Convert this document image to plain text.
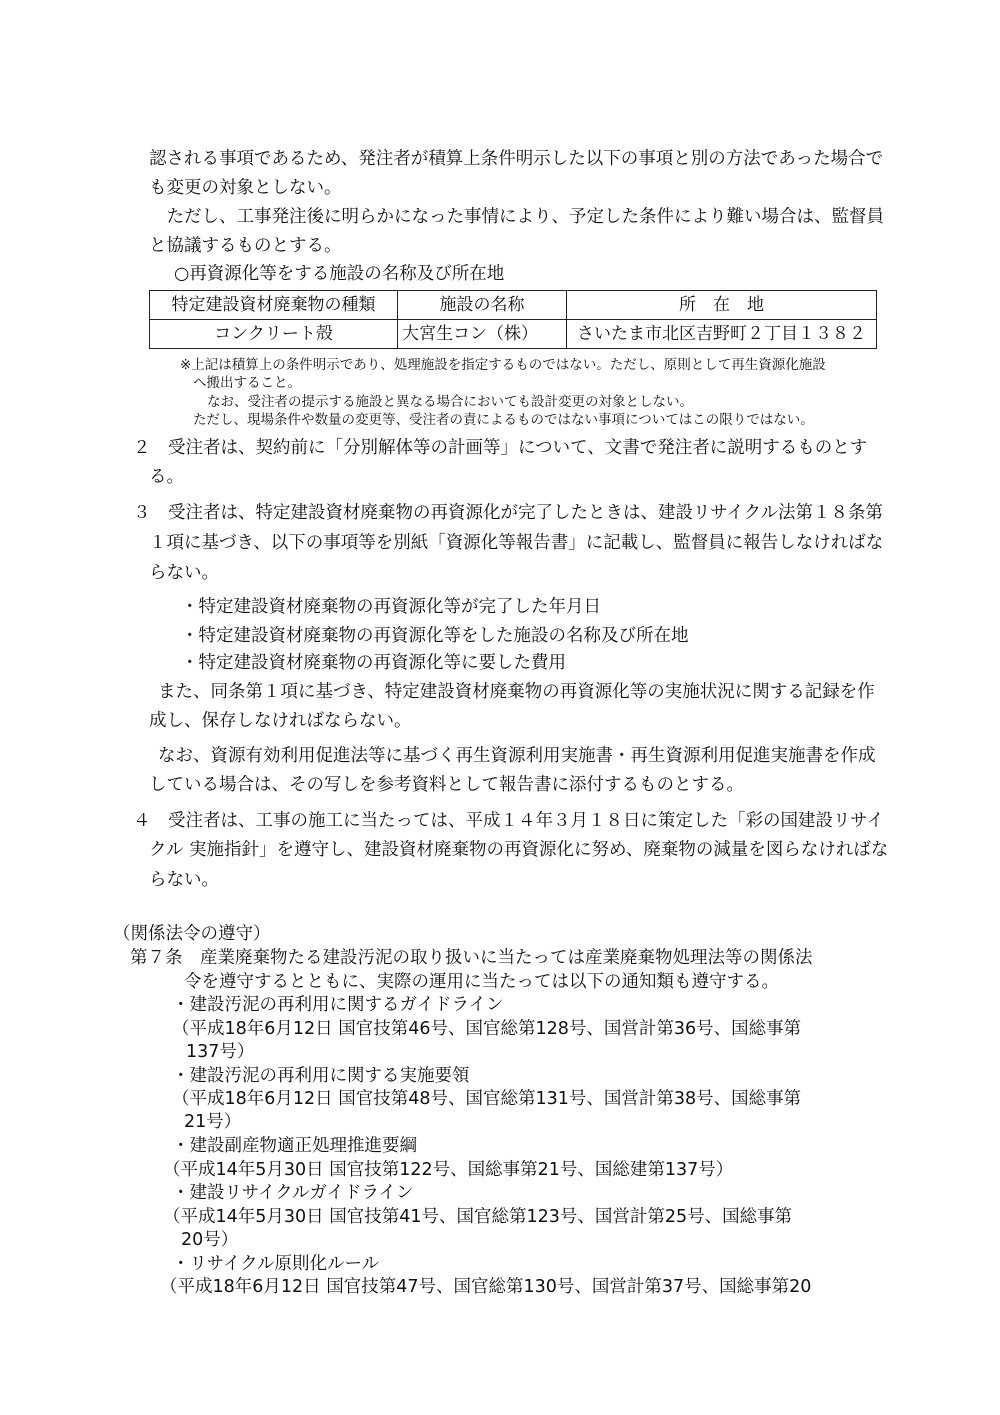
認される事項であるため、発注者が積算上条件明示した以下の事項と別の方法であった場合で
も変更の対象としない。
　ただし、工事発注後に明らかになった事情により、予定した条件により難い場合は、監督員
と協議するものとする。
○再資源化等をする施設の名称及び所在地
特定建設資材廃棄物の種類	施設の名称	所　在　地
コンクリート殻	大宮生コン（株）	さいたま市北区吉野町２丁目１３８２
※上記は積算上の条件明示であり、処理施設を指定するものではない。ただし、原則として再生資源化施設
へ搬出すること。
なお、受注者の提示する施設と異なる場合においても設計変更の対象としない。
ただし、現場条件や数量の変更等、受注者の責によるものではない事項についてはこの限りではない。
２　受注者は、契約前に「分別解体等の計画等」について、文書で発注者に説明するものとす
る。
３　受注者は、特定建設資材廃棄物の再資源化が完了したときは、建設リサイクル法第１８条第
１項に基づき、以下の事項等を別紙「資源化等報告書」に記載し、監督員に報告しなければな
らない。
・特定建設資材廃棄物の再資源化等が完了した年月日
・特定建設資材廃棄物の再資源化等をした施設の名称及び所在地
・特定建設資材廃棄物の再資源化等に要した費用
また、同条第１項に基づき、特定建設資材廃棄物の再資源化等の実施状況に関する記録を作
成し、保存しなければならない。
なお、資源有効利用促進法等に基づく再生資源利用実施書・再生資源利用促進実施書を作成
している場合は、その写しを参考資料として報告書に添付するものとする。
４　受注者は、工事の施工に当たっては、平成１４年３月１８日に策定した「彩の国建設リサイ
クル 実施指針」を遵守し、建設資材廃棄物の再資源化に努め、廃棄物の減量を図らなければな
らない。
（関係法令の遵守）
第７条　産業廃棄物たる建設汚泥の取り扱いに当たっては産業廃棄物処理法等の関係法
令を遵守するとともに、実際の運用に当たっては以下の通知類も遵守する。
・建設汚泥の再利用に関するガイドライン
（平成18年6月12日 国官技第46号、国官総第128号、国営計第36号、国総事第
137号）
・建設汚泥の再利用に関する実施要領
（平成18年6月12日 国官技第48号、国官総第131号、国営計第38号、国総事第
21号）
・建設副産物適正処理推進要綱
（平成14年5月30日 国官技第122号、国総事第21号、国総建第137号）
・建設リサイクルガイドライン
（平成14年5月30日 国官技第41号、国官総第123号、国営計第25号、国総事第
20号）
・リサイクル原則化ルール
（平成18年6月12日 国官技第47号、国官総第130号、国営計第37号、国総事第20
